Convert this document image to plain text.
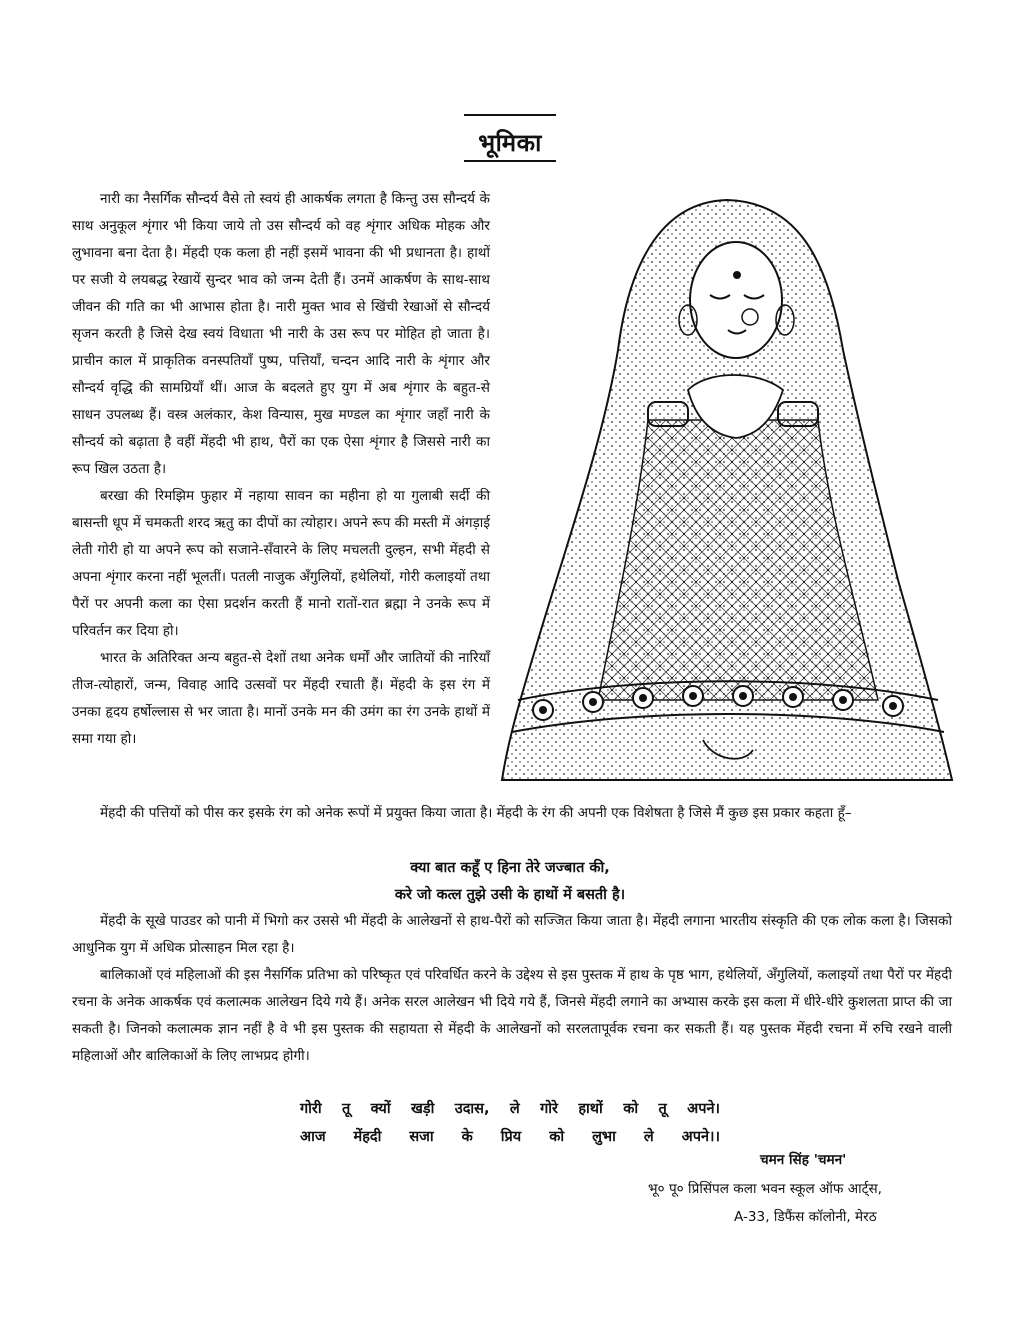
भूमिका

नारी का नैसर्गिक सौन्दर्य वैसे तो स्वयं ही आकर्षक लगता है किन्तु उस सौन्दर्य के साथ अनुकूल शृंगार भी किया जाये तो उस सौन्दर्य को वह शृंगार अधिक मोहक और लुभावना बना देता है। मेंहदी एक कला ही नहीं इसमें भावना की भी प्रधानता है। हाथों पर सजी ये लयबद्ध रेखायें सुन्दर भाव को जन्म देती हैं। उनमें आकर्षण के साथ-साथ जीवन की गति का भी आभास होता है। नारी मुक्त भाव से खिंची रेखाओं से सौन्दर्य सृजन करती है जिसे देख स्वयं विधाता भी नारी के उस रूप पर मोहित हो जाता है। प्राचीन काल में प्राकृतिक वनस्पतियाँ पुष्प, पत्तियाँ, चन्दन आदि नारी के शृंगार और सौन्दर्य वृद्धि की सामग्रियाँ थीं। आज के बदलते हुए युग में अब शृंगार के बहुत-से साधन उपलब्ध हैं। वस्त्र अलंकार, केश विन्यास, मुख मण्डल का शृंगार जहाँ नारी के सौन्दर्य को बढ़ाता है वहीं मेंहदी भी हाथ, पैरों का एक ऐसा शृंगार है जिससे नारी का रूप खिल उठता है।

बरखा की रिमझिम फुहार में नहाया सावन का महीना हो या गुलाबी सर्दी की बासन्ती धूप में चमकती शरद ऋतु का दीपों का त्योहार। अपने रूप की मस्ती में अंगड़ाई लेती गोरी हो या अपने रूप को सजाने-सँवारने के लिए मचलती दुल्हन, सभी मेंहदी से अपना शृंगार करना नहीं भूलतीं। पतली नाजुक अँगुलियों, हथेलियों, गोरी कलाइयों तथा पैरों पर अपनी कला का ऐसा प्रदर्शन करती हैं मानो रातों-रात ब्रह्मा ने उनके रूप में परिवर्तन कर दिया हो।

भारत के अतिरिक्त अन्य बहुत-से देशों तथा अनेक धर्मों और जातियों की नारियाँ तीज-त्योहारों, जन्म, विवाह आदि उत्सवों पर मेंहदी रचाती हैं। मेंहदी के इस रंग में उनका हृदय हर्षोल्लास से भर जाता है। मानों उनके मन की उमंग का रंग उनके हाथों में समा गया हो।

मेंहदी की पत्तियों को पीस कर इसके रंग को अनेक रूपों में प्रयुक्त किया जाता है। मेंहदी के रंग की अपनी एक विशेषता है जिसे मैं कुछ इस प्रकार कहता हूँ–

क्या बात कहूँ ए हिना तेरे जज्बात की,
करे जो कत्ल तुझे उसी के हाथों में बसती है।

मेंहदी के सूखे पाउडर को पानी में भिगो कर उससे भी मेंहदी के आलेखनों से हाथ-पैरों को सज्जित किया जाता है। मेंहदी लगाना भारतीय संस्कृति की एक लोक कला है। जिसको आधुनिक युग में अधिक प्रोत्साहन मिल रहा है।

बालिकाओं एवं महिलाओं की इस नैसर्गिक प्रतिभा को परिष्कृत एवं परिवर्धित करने के उद्देश्य से इस पुस्तक में हाथ के पृष्ठ भाग, हथेलियों, अँगुलियों, कलाइयों तथा पैरों पर मेंहदी रचना के अनेक आकर्षक एवं कलात्मक आलेखन दिये गये हैं। अनेक सरल आलेखन भी दिये गये हैं, जिनसे मेंहदी लगाने का अभ्यास करके इस कला में धीरे-धीरे कुशलता प्राप्त की जा सकती है। जिनको कलात्मक ज्ञान नहीं है वे भी इस पुस्तक की सहायता से मेंहदी के आलेखनों को सरलतापूर्वक रचना कर सकती हैं। यह पुस्तक मेंहदी रचना में रुचि रखने वाली महिलाओं और बालिकाओं के लिए लाभप्रद होगी।

गोरी तू क्यों खड़ी उदास, ले गोरे हाथों को तू अपने।
आज मेंहदी सजा के प्रिय को लुभा ले अपने।।
चमन सिंह 'चमन'
भू० पू० प्रिसिंपल कला भवन स्कूल ऑफ आर्ट्स,
A-33, डिफैंस कॉलोनी, मेरठ
